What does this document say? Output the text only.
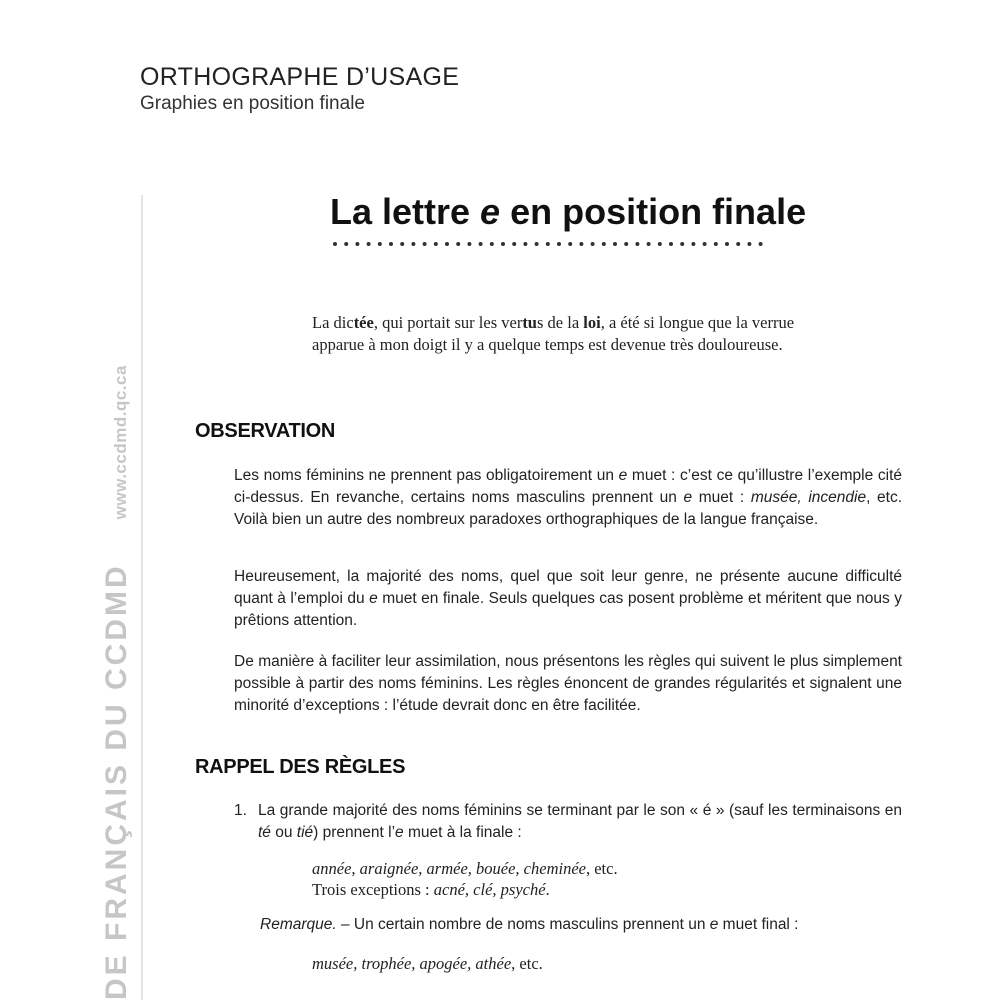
ORTHOGRAPHE D’USAGE
Graphies en position finale
DE FRANÇAIS DU CCDMDwww.ccdmd.qc.ca
La lettre e en position finale
La dictée, qui portait sur les vertus de la loi, a été si longue que la verrue apparue à mon doigt il y a quelque temps est devenue très douloureuse.
OBSERVATION
Les noms féminins ne prennent pas obligatoirement un e muet : c’est ce qu’illustre l’exemple cité ci-dessus. En revanche, certains noms masculins prennent un e muet : musée, incendie, etc. Voilà bien un autre des nombreux paradoxes orthographiques de la langue française.
Heureusement, la majorité des noms, quel que soit leur genre, ne présente aucune difficulté quant à l’emploi du e muet en finale. Seuls quelques cas posent problème et méritent que nous y prêtions attention.
De manière à faciliter leur assimilation, nous présentons les règles qui suivent le plus simplement possible à partir des noms féminins. Les règles énoncent de grandes régularités et signalent une minorité d’exceptions : l’étude devrait donc en être facilitée.
RAPPEL DES RÈGLES
1. La grande majorité des noms féminins se terminant par le son « é » (sauf les terminaisons en té ou tié) prennent l’e muet à la finale :
année, araignée, armée, bouée, cheminée, etc.
Trois exceptions : acné, clé, psyché.
Remarque. – Un certain nombre de noms masculins prennent un e muet final :
musée, trophée, apogée, athée, etc.
